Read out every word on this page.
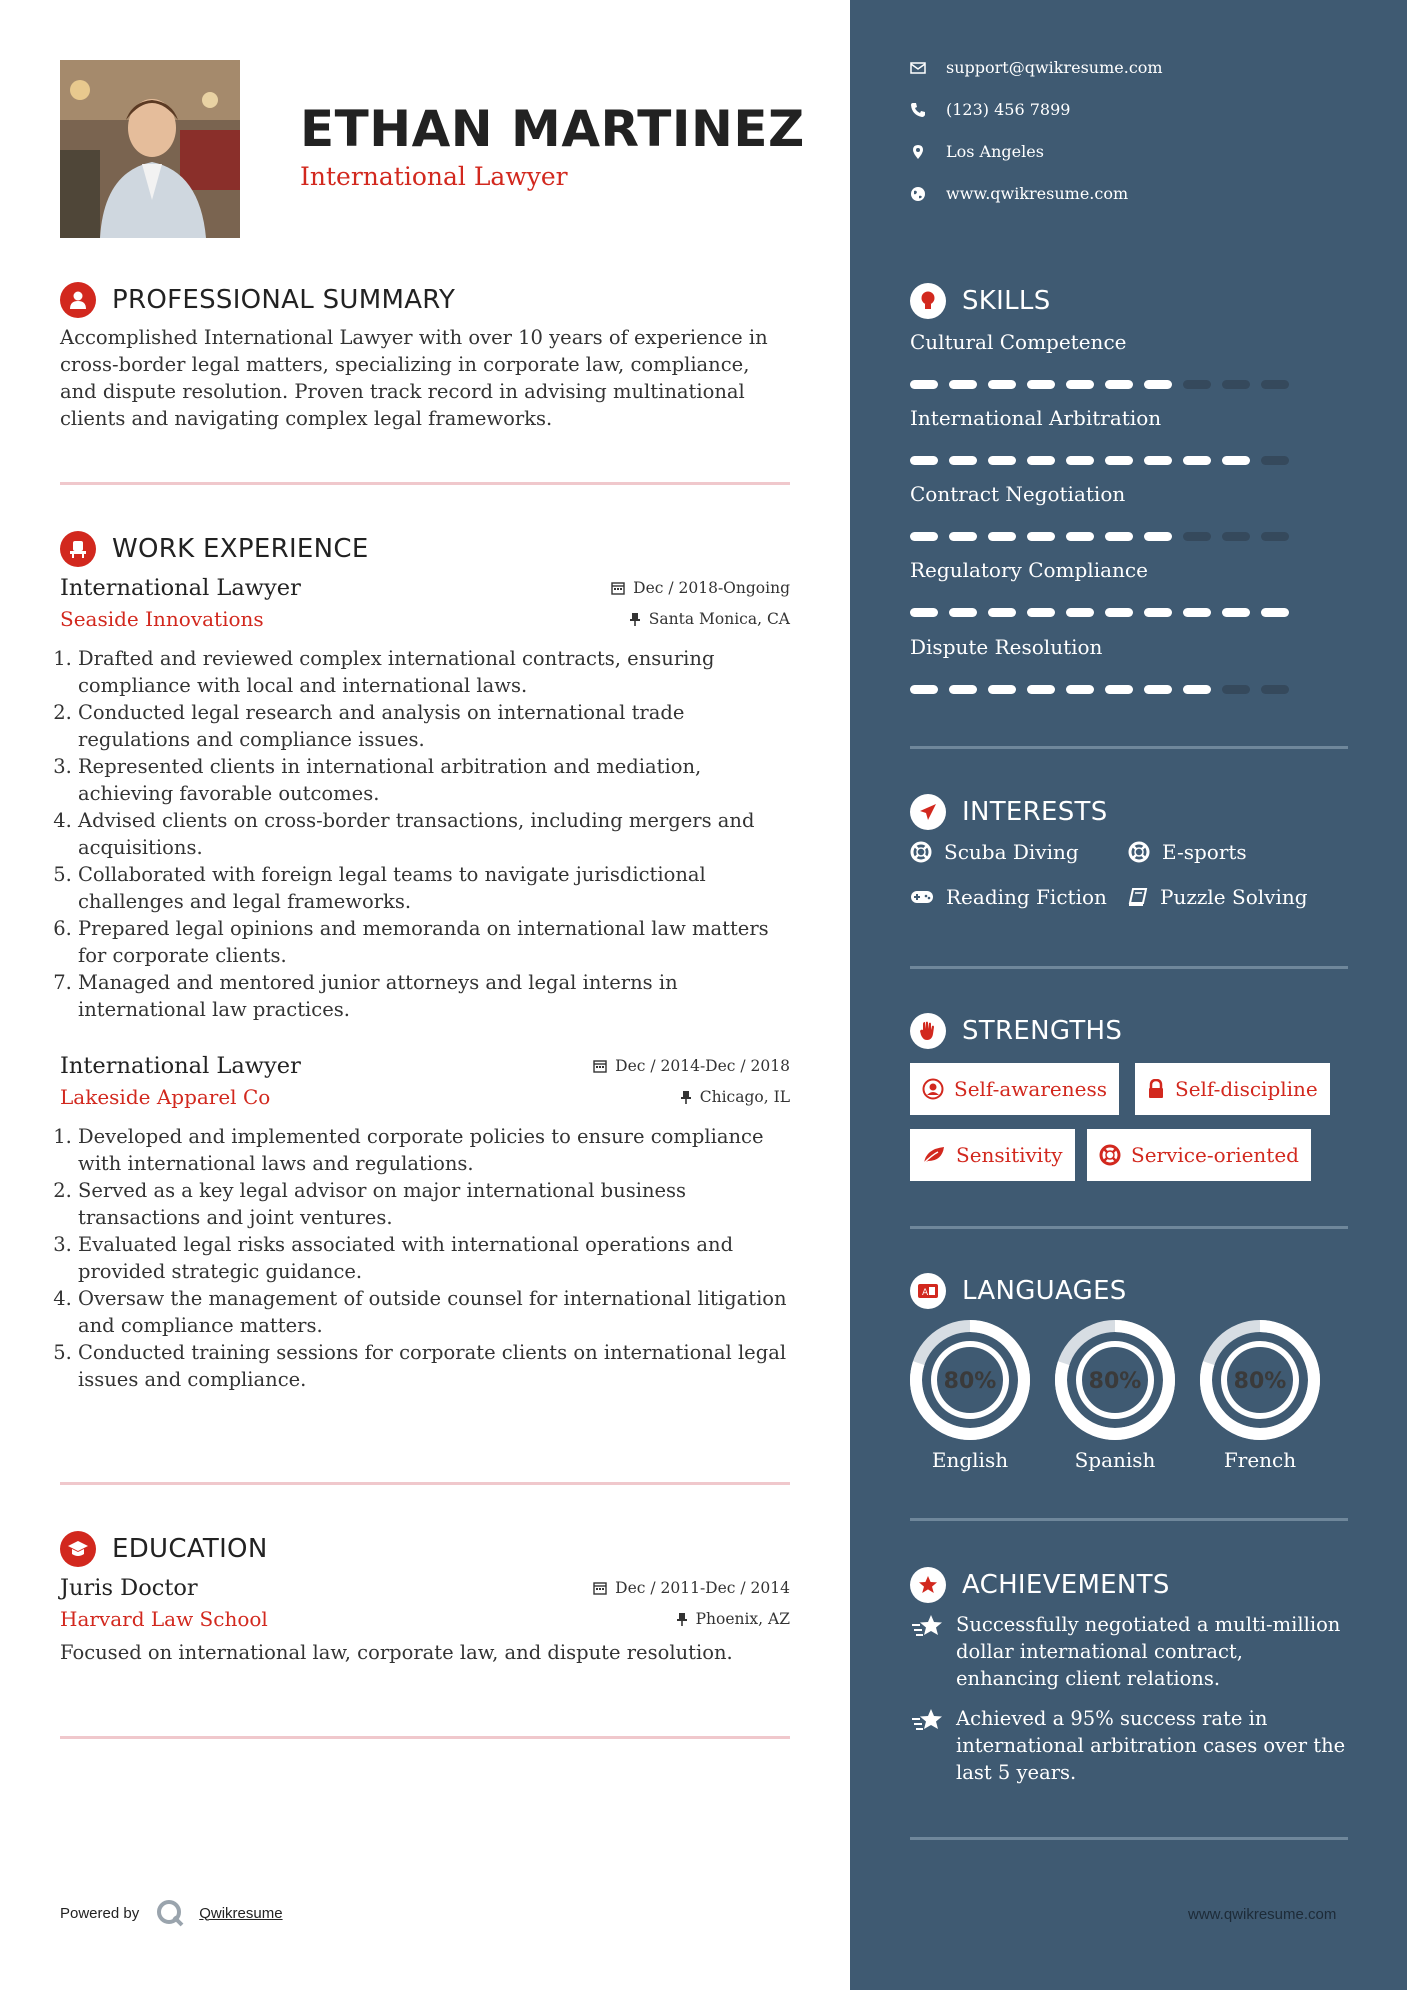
ETHAN MARTINEZ

International Lawyer

PROFESSIONAL SUMMARY

Accomplished International Lawyer with over 10 years of experience in cross-border legal matters, specializing in corporate law, compliance, and dispute resolution. Proven track record in advising multinational clients and navigating complex legal frameworks.

WORK EXPERIENCE
International Lawyer	Dec / 2018-Ongoing
Seaside Innovations	Santa Monica, CA
1. Drafted and reviewed complex international contracts, ensuring compliance with local and international laws.
2. Conducted legal research and analysis on international trade regulations and compliance issues.
3. Represented clients in international arbitration and mediation, achieving favorable outcomes.
4. Advised clients on cross-border transactions, including mergers and acquisitions.
5. Collaborated with foreign legal teams to navigate jurisdictional challenges and legal frameworks.
6. Prepared legal opinions and memoranda on international law matters for corporate clients.
7. Managed and mentored junior attorneys and legal interns in international law practices.
International Lawyer	Dec / 2014-Dec / 2018
Lakeside Apparel Co	Chicago, IL
1. Developed and implemented corporate policies to ensure compliance with international laws and regulations.
2. Served as a key legal advisor on major international business transactions and joint ventures.
3. Evaluated legal risks associated with international operations and provided strategic guidance.
4. Oversaw the management of outside counsel for international litigation and compliance matters.
5. Conducted training sessions for corporate clients on international legal issues and compliance.
EDUCATION
Juris Doctor	Dec / 2011-Dec / 2014
Harvard Law School	Phoenix, AZ

Focused on international law, corporate law, and dispute resolution.

Powered by	Qwikresume
support@qwikresume.com
(123) 456 7899
Los Angeles
www.qwikresume.com
SKILLS
Cultural Competence
International Arbitration
Contract Negotiation
Regulatory Compliance
Dispute Resolution
INTERESTS
Scuba Diving	E-sports
Reading Fiction	Puzzle Solving
STRENGTHS
Self-awareness	Self-discipline
Sensitivity	Service-oriented
A LANGUAGES
80%
English
80%
Spanish
80%
French
ACHIEVEMENTS
Successfully negotiated a multi-million dollar international contract, enhancing client relations.
Achieved a 95% success rate in international arbitration cases over the last 5 years.
www.qwikresume.com
